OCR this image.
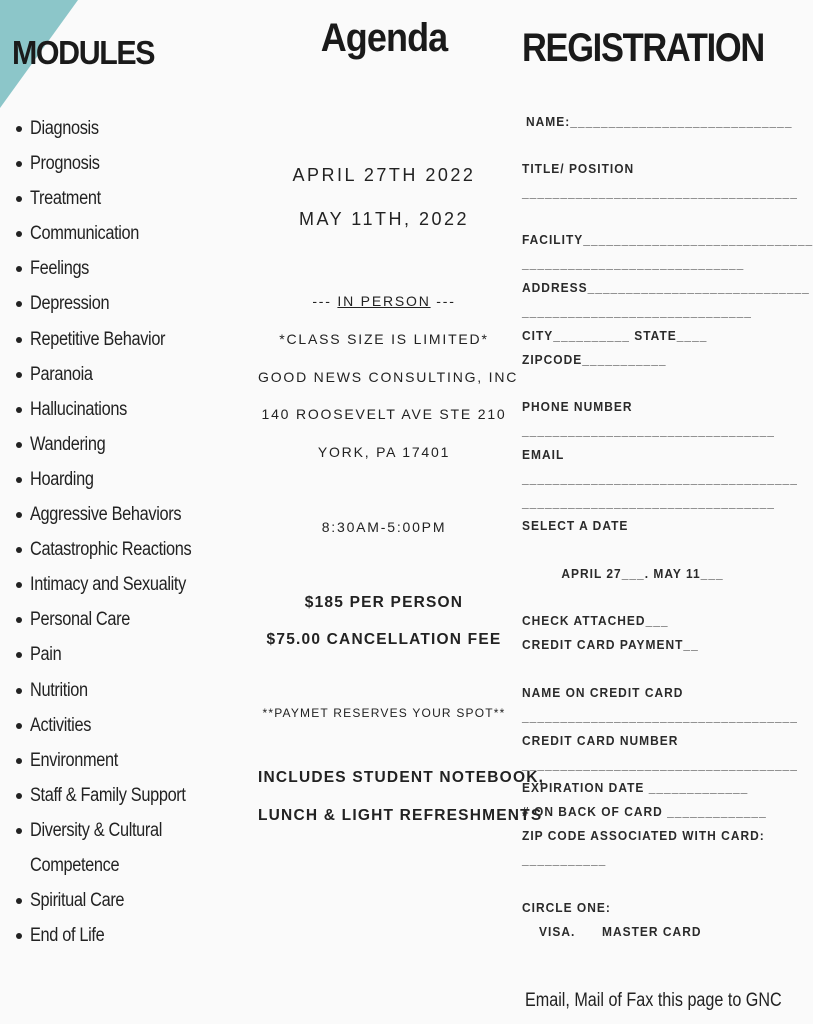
MODULES
Diagnosis
Prognosis
Treatment
Communication
Feelings
Depression
Repetitive Behavior
Paranoia
Hallucinations
Wandering
Hoarding
Aggressive Behaviors
Catastrophic Reactions
Intimacy and Sexuality
Personal Care
Pain
Nutrition
Activities
Environment
Staff & Family Support
Diversity & Cultural
Competence
Spiritual Care
End of Life
Agenda
APRIL 27TH 2022
MAY 11TH, 2022
--- IN PERSON ---
*CLASS SIZE IS LIMITED*
GOOD NEWS CONSULTING, INC
140 ROOSEVELT AVE STE 210
YORK, PA 17401
8:30AM-5:00PM
$185 PER PERSON
$75.00 CANCELLATION FEE
**PAYMET RESERVES YOUR SPOT**
INCLUDES STUDENT NOTEBOOK,
LUNCH & LIGHT REFRESHMENTS
REGISTRATION
NAME:_____________________________
TITLE/ POSITION
____________________________________
FACILITY______________________________
_____________________________
ADDRESS_____________________________
______________________________
CITY__________ STATE____
ZIPCODE___________
PHONE NUMBER
_________________________________
EMAIL
____________________________________
_________________________________
SELECT A DATE
APRIL 27___. MAY 11___
CHECK ATTACHED___
CREDIT CARD PAYMENT__
NAME ON CREDIT CARD
____________________________________
CREDIT CARD NUMBER
____________________________________
EXPIRATION DATE _____________
# ON BACK OF CARD _____________
ZIP CODE ASSOCIATED WITH CARD:
___________
CIRCLE ONE:
VISA. MASTER CARD
Email, Mail of Fax this page to GNC
